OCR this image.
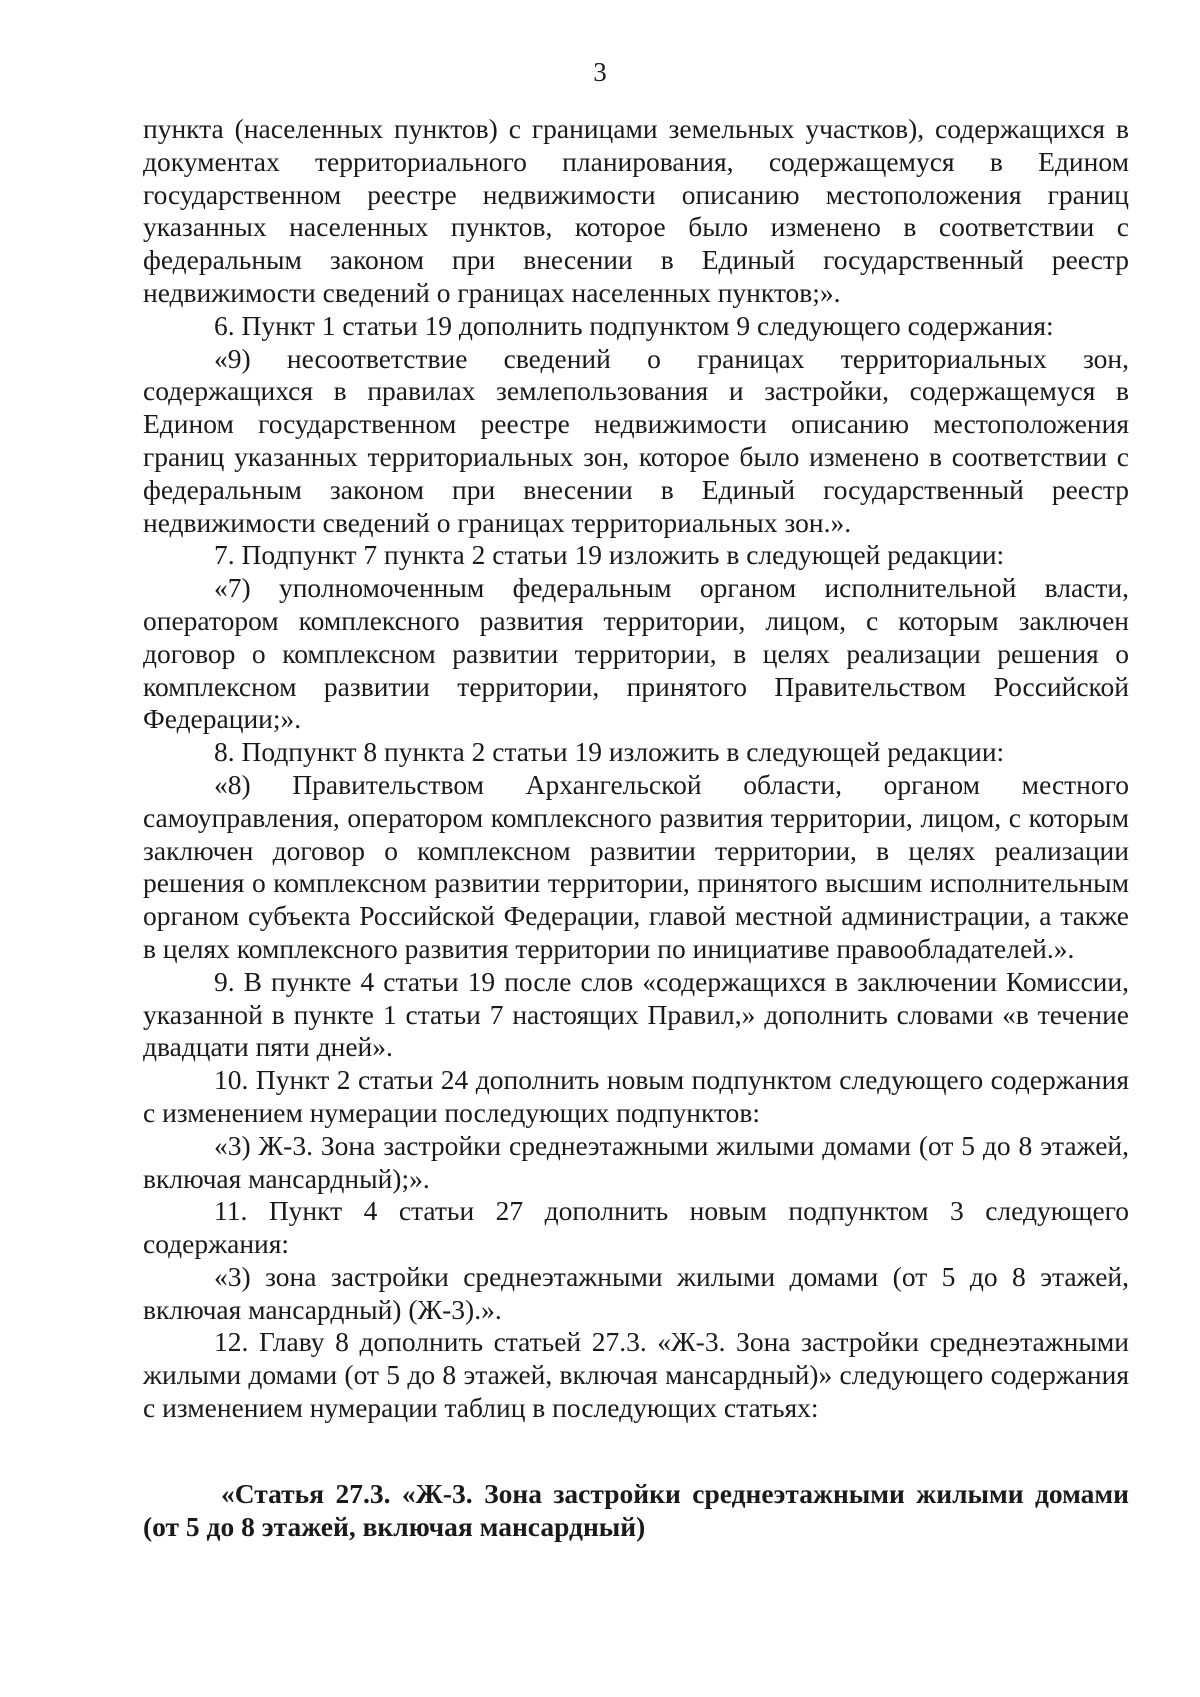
3

пункта (населенных пунктов) с границами земельных участков), содержащихся в документах территориального планирования, содержащемуся в Едином государственном реестре недвижимости описанию местоположения границ указанных населенных пунктов, которое было изменено в соответствии с федеральным законом при внесении в Единый государственный реестр недвижимости сведений о границах населенных пунктов;».

6. Пункт 1 статьи 19 дополнить подпунктом 9 следующего содержания:

«9) несоответствие сведений о границах территориальных зон, содержащихся в правилах землепользования и застройки, содержащемуся в Едином государственном реестре недвижимости описанию местоположения границ указанных территориальных зон, которое было изменено в соответствии с федеральным законом при внесении в Единый государственный реестр недвижимости сведений о границах территориальных зон.».

7. Подпункт 7 пункта 2 статьи 19 изложить в следующей редакции:

«7) уполномоченным федеральным органом исполнительной власти, оператором комплексного развития территории, лицом, с которым заключен договор о комплексном развитии территории, в целях реализации решения о комплексном развитии территории, принятого Правительством Российской Федерации;».

8. Подпункт 8 пункта 2 статьи 19 изложить в следующей редакции:

«8) Правительством Архангельской области, органом местного самоуправления, оператором комплексного развития территории, лицом, с которым заключен договор о комплексном развитии территории, в целях реализации решения о комплексном развитии территории, принятого высшим исполнительным органом субъекта Российской Федерации, главой местной администрации, а также в целях комплексного развития территории по инициативе правообладателей.».

9. В пункте 4 статьи 19 после слов «содержащихся в заключении Комиссии, указанной в пункте 1 статьи 7 настоящих Правил,» дополнить словами «в течение двадцати пяти дней».

10. Пункт 2 статьи 24 дополнить новым подпунктом следующего содержания с изменением нумерации последующих подпунктов:

«3) Ж-3. Зона застройки среднеэтажными жилыми домами (от 5 до 8 этажей, включая мансардный);».

11. Пункт 4 статьи 27 дополнить новым подпунктом 3 следующего содержания:

«3) зона застройки среднеэтажными жилыми домами (от 5 до 8 этажей, включая мансардный) (Ж-3).».

12. Главу 8 дополнить статьей 27.3. «Ж-3. Зона застройки среднеэтажными жилыми домами (от 5 до 8 этажей, включая мансардный)» следующего содержания с изменением нумерации таблиц в последующих статьях:

«Статья 27.3. «Ж-3. Зона застройки среднеэтажными жилыми домами (от 5 до 8 этажей, включая мансардный)
